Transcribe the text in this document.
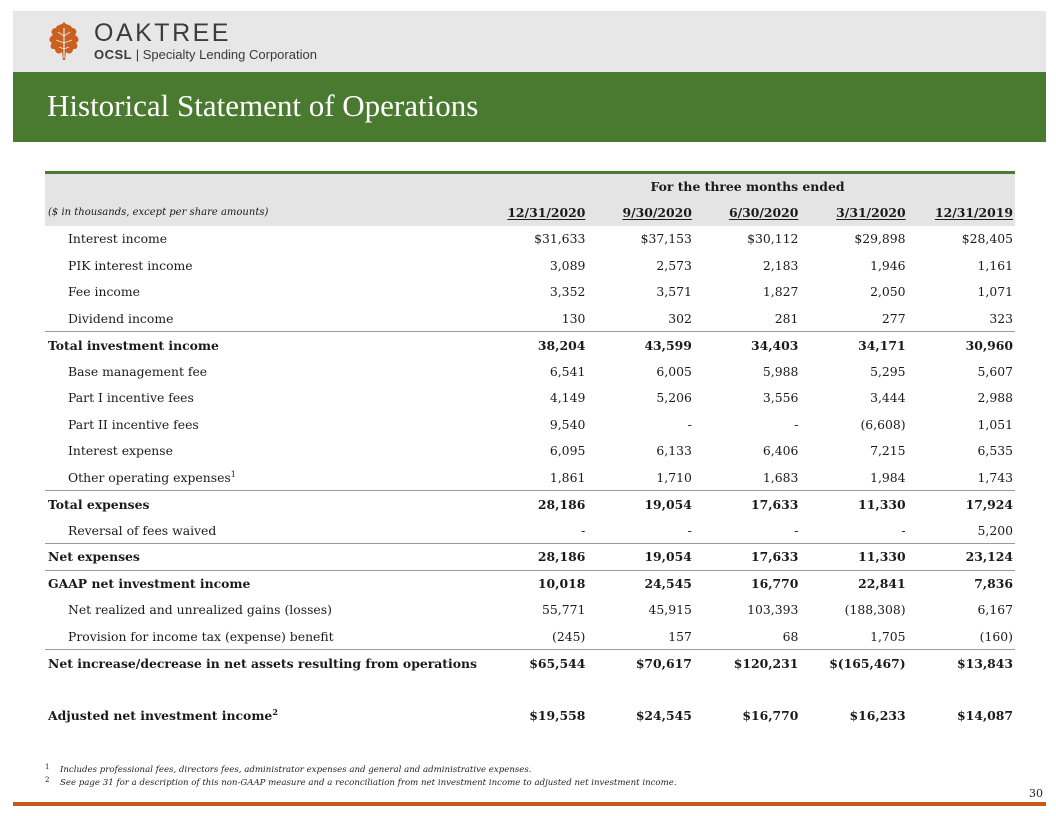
OAKTREE
OCSL | Specialty Lending Corporation
Historical Statement of Operations
	For the three months ended				
($ in thousands, except per share amounts)	12/31/2020	9/30/2020	6/30/2020	3/31/2020	12/31/2019
Interest income	$31,633	$37,153	$30,112	$29,898	$28,405
PIK interest income	3,089	2,573	2,183	1,946	1,161
Fee income	3,352	3,571	1,827	2,050	1,071
Dividend income	130	302	281	277	323
Total investment income	38,204	43,599	34,403	34,171	30,960
Base management fee	6,541	6,005	5,988	5,295	5,607
Part I incentive fees	4,149	5,206	3,556	3,444	2,988
Part II incentive fees	9,540	-	-	(6,608)	1,051
Interest expense	6,095	6,133	6,406	7,215	6,535
Other operating expenses$^1$	1,861	1,710	1,683	1,984	1,743
Total expenses	28,186	19,054	17,633	11,330	17,924
Reversal of fees waived	-	-	-	-	5,200
Net expenses	28,186	19,054	17,633	11,330	23,124
GAAP net investment income	10,018	24,545	16,770	22,841	7,836
Net realized and unrealized gains (losses)	55,771	45,915	103,393	(188,308)	6,167
Provision for income tax (expense) benefit	(245)	157	68	1,705	(160)
Net increase/decrease in net assets resulting from operations	$65,544	$70,617	$120,231	$(165,467)	$13,843

Adjusted net investment income$^2$	$19,558	$24,545	$16,770	$16,233	$14,087
1 Includes professional fees, directors fees, administrator expenses and general and administrative expenses.
2 See page 31 for a description of this non-GAAP measure and a reconciliation from net investment income to adjusted net investment income.
30
